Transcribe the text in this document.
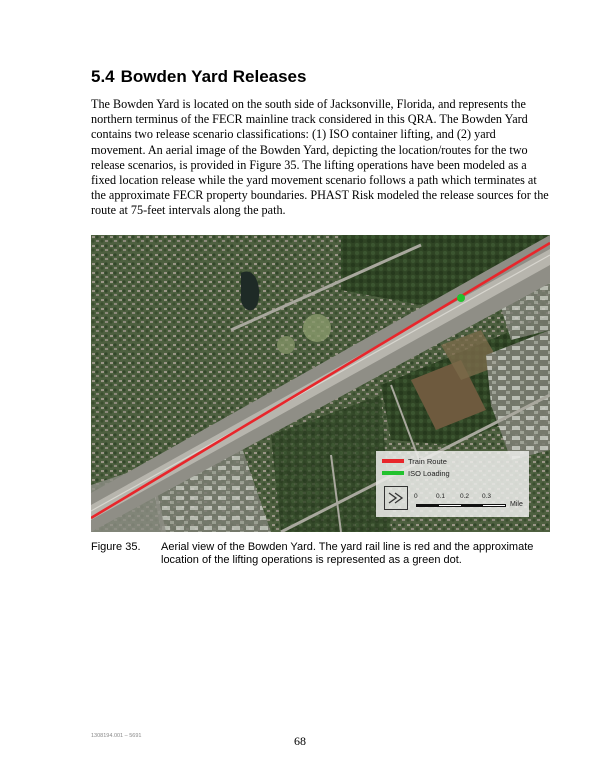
5.4 Bowden Yard Releases

The Bowden Yard is located on the south side of Jacksonville, Florida, and represents the northern terminus of the FECR mainline track considered in this QRA. The Bowden Yard contains two release scenario classifications: (1) ISO container lifting, and (2) yard movement. An aerial image of the Bowden Yard, depicting the location/routes for the two release scenarios, is provided in Figure 35. The lifting operations have been modeled as a fixed location release while the yard movement scenario follows a path which terminates at the approximate FECR property boundaries. PHAST Risk modeled the release sources for the route at 75-feet intervals along the path.

Train Route
ISO Loading
0	0.1 0.2 0.3
Mile
Figure 35. Aerial view of the Bowden Yard. The yard rail line is red and the approximate location of the lifting operations is represented as a green dot.
1308194.001 – 5691	68
